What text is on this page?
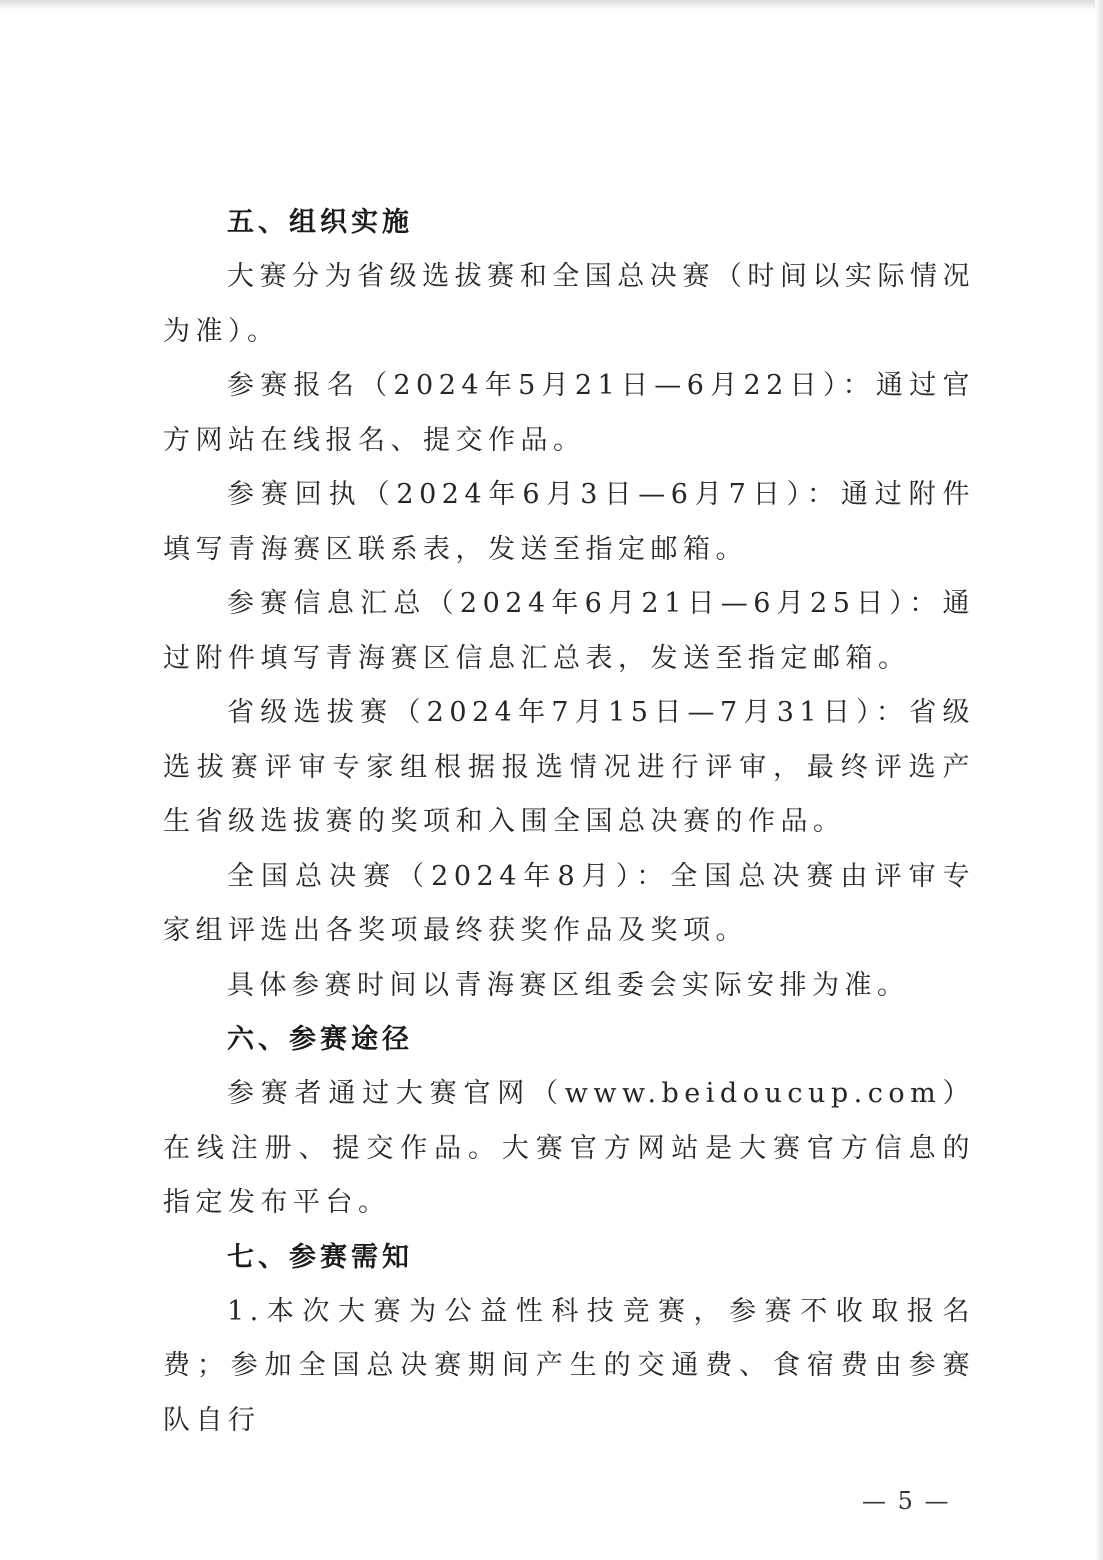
五、组织实施

大赛分为省级选拔赛和全国总决赛（时间以实际情况为准）。

参赛报名（2024年5月21日—6月22日）：通过官方网站在线报名、提交作品。

参赛回执（2024年6月3日—6月7日）：通过附件填写青海赛区联系表，发送至指定邮箱。

参赛信息汇总（2024年6月21日—6月25日）：通过附件填写青海赛区信息汇总表，发送至指定邮箱。

省级选拔赛（2024年7月15日—7月31日）：省级选拔赛评审专家组根据报选情况进行评审，最终评选产生省级选拔赛的奖项和入围全国总决赛的作品。

全国总决赛（2024年8月）：全国总决赛由评审专家组评选出各奖项最终获奖作品及奖项。

具体参赛时间以青海赛区组委会实际安排为准。

六、参赛途径

参赛者通过大赛官网（www.beidoucup.com）在线注册、提交作品。大赛官方网站是大赛官方信息的指定发布平台。

七、参赛需知

1.本次大赛为公益性科技竞赛，参赛不收取报名费；参加全国总决赛期间产生的交通费、食宿费由参赛队自行

— 5 —
